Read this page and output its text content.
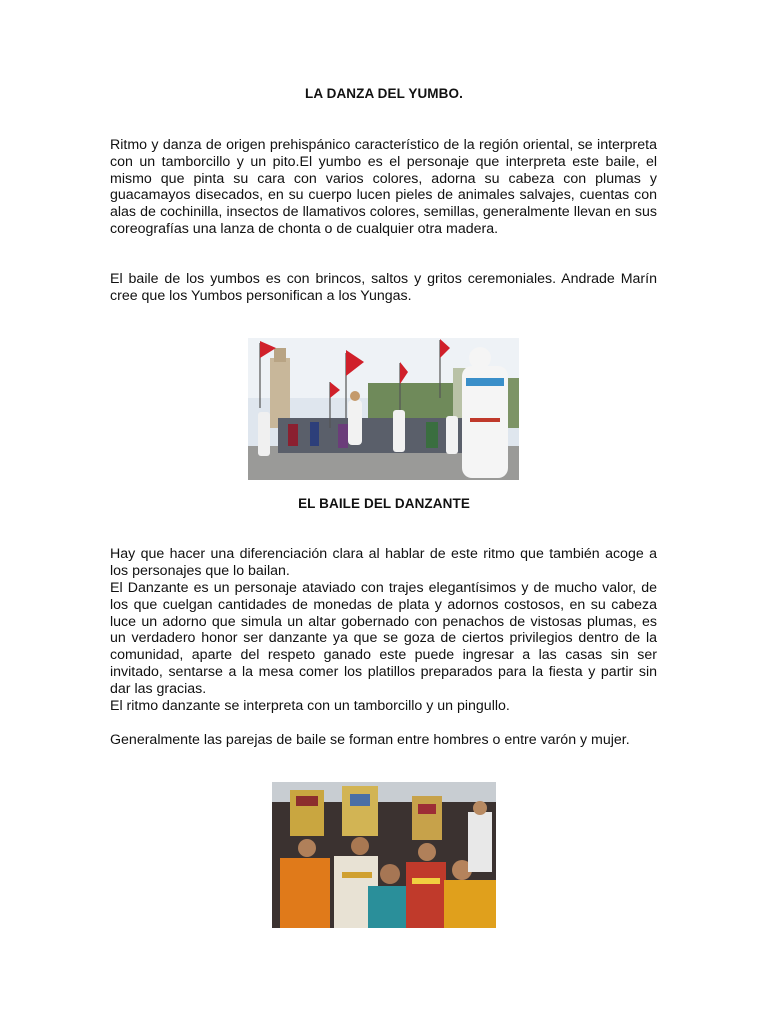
LA DANZA DEL YUMBO.

Ritmo y danza de origen prehispánico característico de la región oriental, se interpreta con un tamborcillo y un pito.El yumbo es el personaje que interpreta este baile, el mismo que pinta su cara con varios colores, adorna su cabeza con plumas y guacamayos disecados, en su cuerpo lucen pieles de animales salvajes, cuentas con alas de cochinilla, insectos de llamativos colores, semillas, generalmente llevan en sus coreografías una lanza de chonta o de cualquier otra madera.

El baile de los yumbos es con brincos, saltos y gritos ceremoniales. Andrade Marín cree que los Yumbos personifican a los Yungas.

EL BAILE DEL DANZANTE

Hay que hacer una diferenciación clara al hablar de este ritmo que también acoge a los personajes que lo bailan.

El Danzante es un personaje ataviado con trajes elegantísimos y de mucho valor, de los que cuelgan cantidades de monedas de plata y adornos costosos, en su cabeza luce un adorno que simula un altar gobernado con penachos de vistosas plumas, es un verdadero honor ser danzante ya que se goza de ciertos privilegios dentro de la comunidad, aparte del respeto ganado este puede ingresar a las casas sin ser invitado, sentarse a la mesa comer los platillos preparados para la fiesta y partir sin dar las gracias.

El ritmo danzante se interpreta con un tamborcillo y un pingullo.

Generalmente las parejas de baile se forman entre hombres o entre varón y mujer.
